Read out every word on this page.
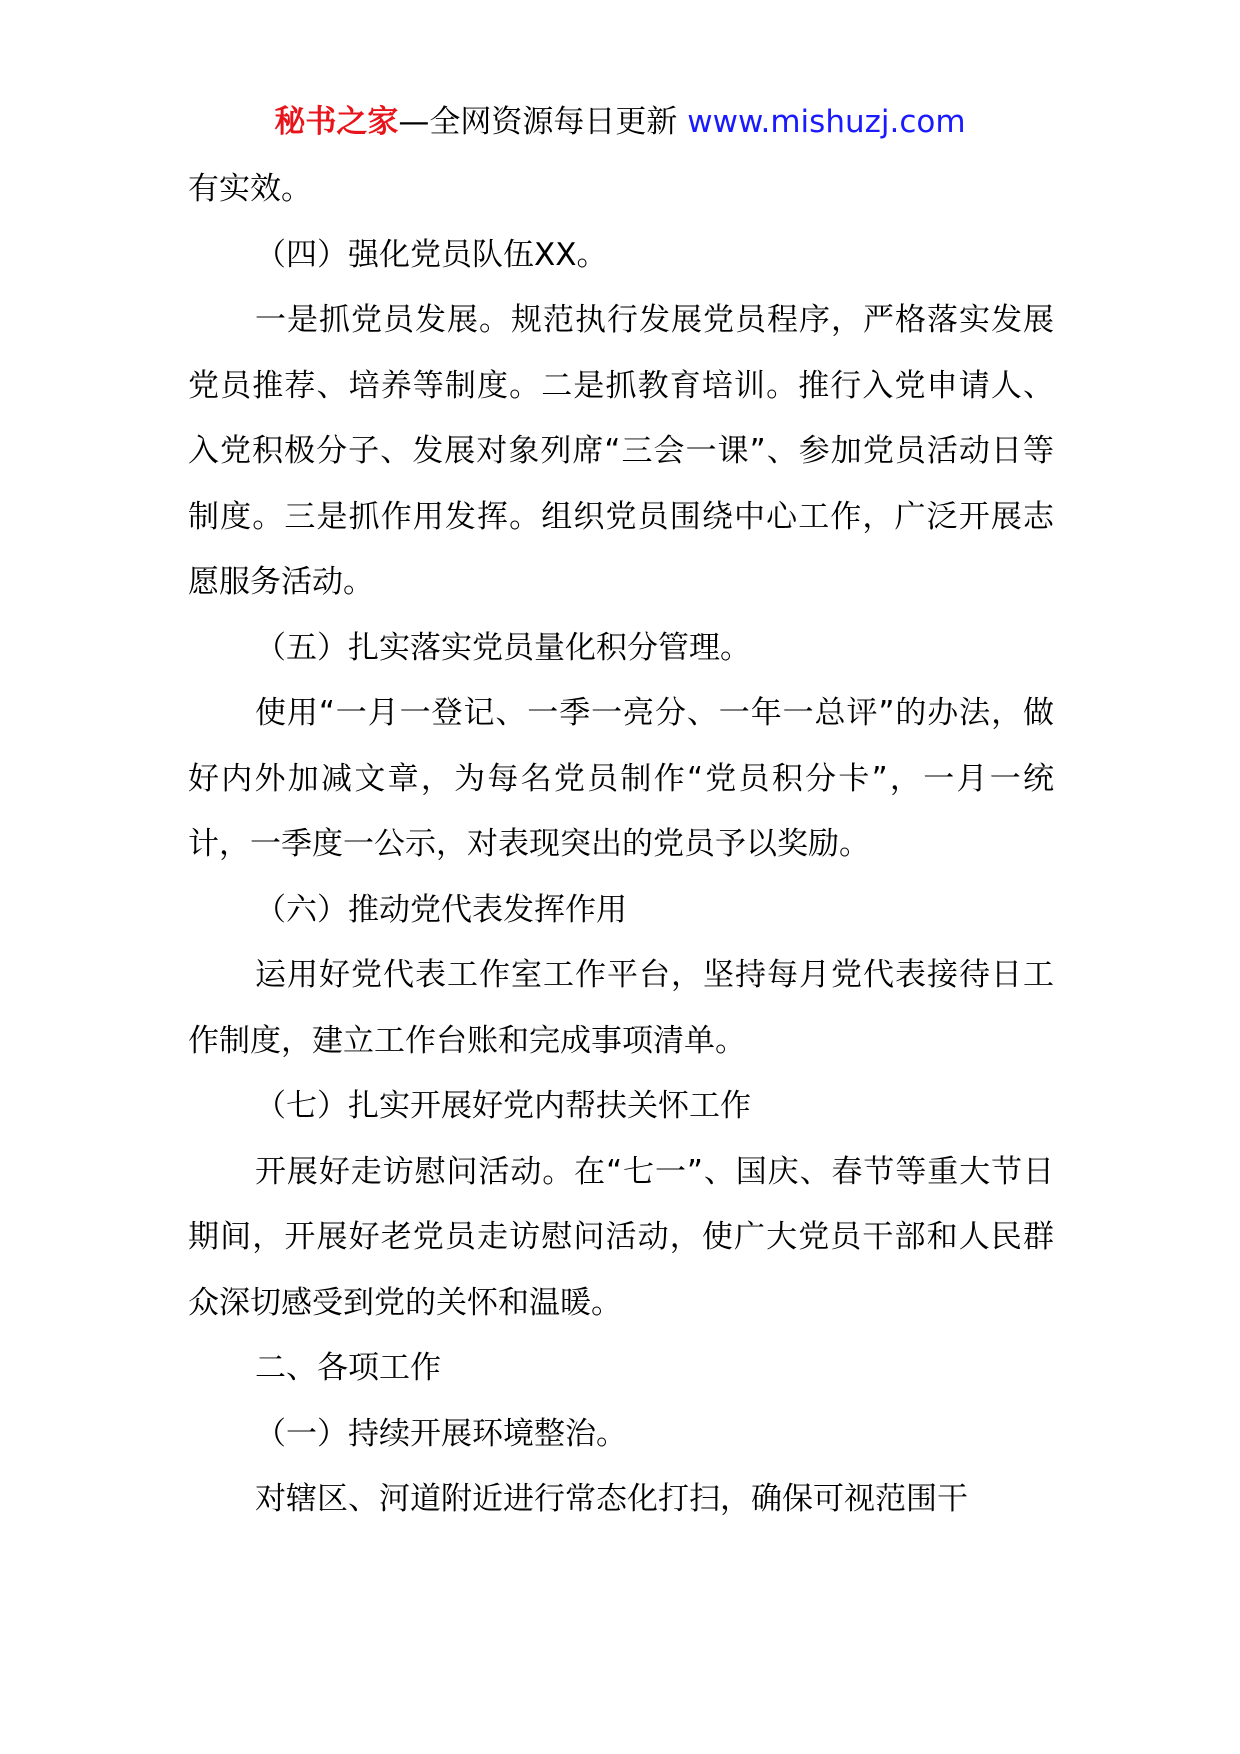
秘书之家—全网资源每日更新 www.mishuzj.com

有实效。

（四）强化党员队伍XX。

一是抓党员发展。规范执行发展党员程序，严格落实发展党员推荐、培养等制度。二是抓教育培训。推行入党申请人、入党积极分子、发展对象列席“三会一课”、参加党员活动日等制度。三是抓作用发挥。组织党员围绕中心工作，广泛开展志愿服务活动。

（五）扎实落实党员量化积分管理。

使用“一月一登记、一季一亮分、一年一总评”的办法，做好内外加减文章，为每名党员制作“党员积分卡”，一月一统计，一季度一公示，对表现突出的党员予以奖励。

（六）推动党代表发挥作用

运用好党代表工作室工作平台，坚持每月党代表接待日工作制度，建立工作台账和完成事项清单。

（七）扎实开展好党内帮扶关怀工作

开展好走访慰问活动。在“七一”、国庆、春节等重大节日期间，开展好老党员走访慰问活动，使广大党员干部和人民群众深切感受到党的关怀和温暖。

二、各项工作

（一）持续开展环境整治。

对辖区、河道附近进行常态化打扫，确保可视范围干
